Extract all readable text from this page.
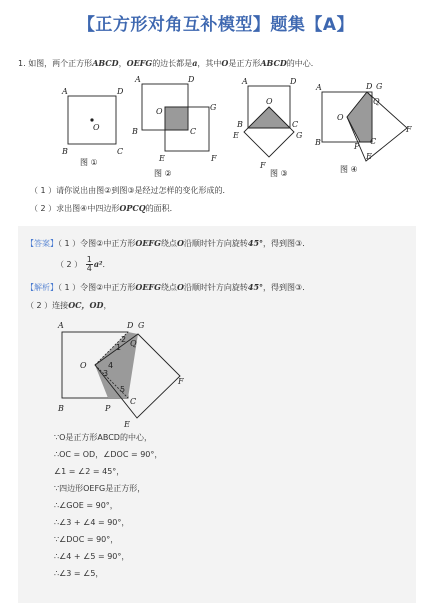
【正方形对角互补模型】题集【A】
1. 如图，两个正方形ABCD，OEFG的边长都是a，其中O是正方形ABCD的中心．
A	D
O
B	C
图 ①
A	D
G
O
C
B
E	F
图 ②
A	D
O
B	C
E	G
F
图 ③
A	D G
Q
O
F
B	P
C
E
图 ④
（ 1 ）请你说出由图②到图③是经过怎样的变化形成的．
（ 2 ）求出图④中四边形OPCQ的面积．
【答案】（ 1 ）令图②中正方形OEFG绕点O沿顺时针方向旋转45°，得到图③．
（ 2 ） $\frac{1}{4} a^2$．
【解析】（ 1 ）令图②中正方形OEFG绕点O沿顺时针方向旋转45°，得到图③．
（ 2 ）连接OC，OD，
A	D G
Q
O
F
B	P
C
E
1
2
3
4
5
∵O是正方形ABCD的中心，
∴OC = OD，∠DOC = 90°，
∠1 = ∠2 = 45°，
∵四边形OEFG是正方形，
∴∠GOE = 90°，
∴∠3 + ∠4 = 90°，
∵∠DOC = 90°，
∴∠4 + ∠5 = 90°，
∴∠3 = ∠5，
